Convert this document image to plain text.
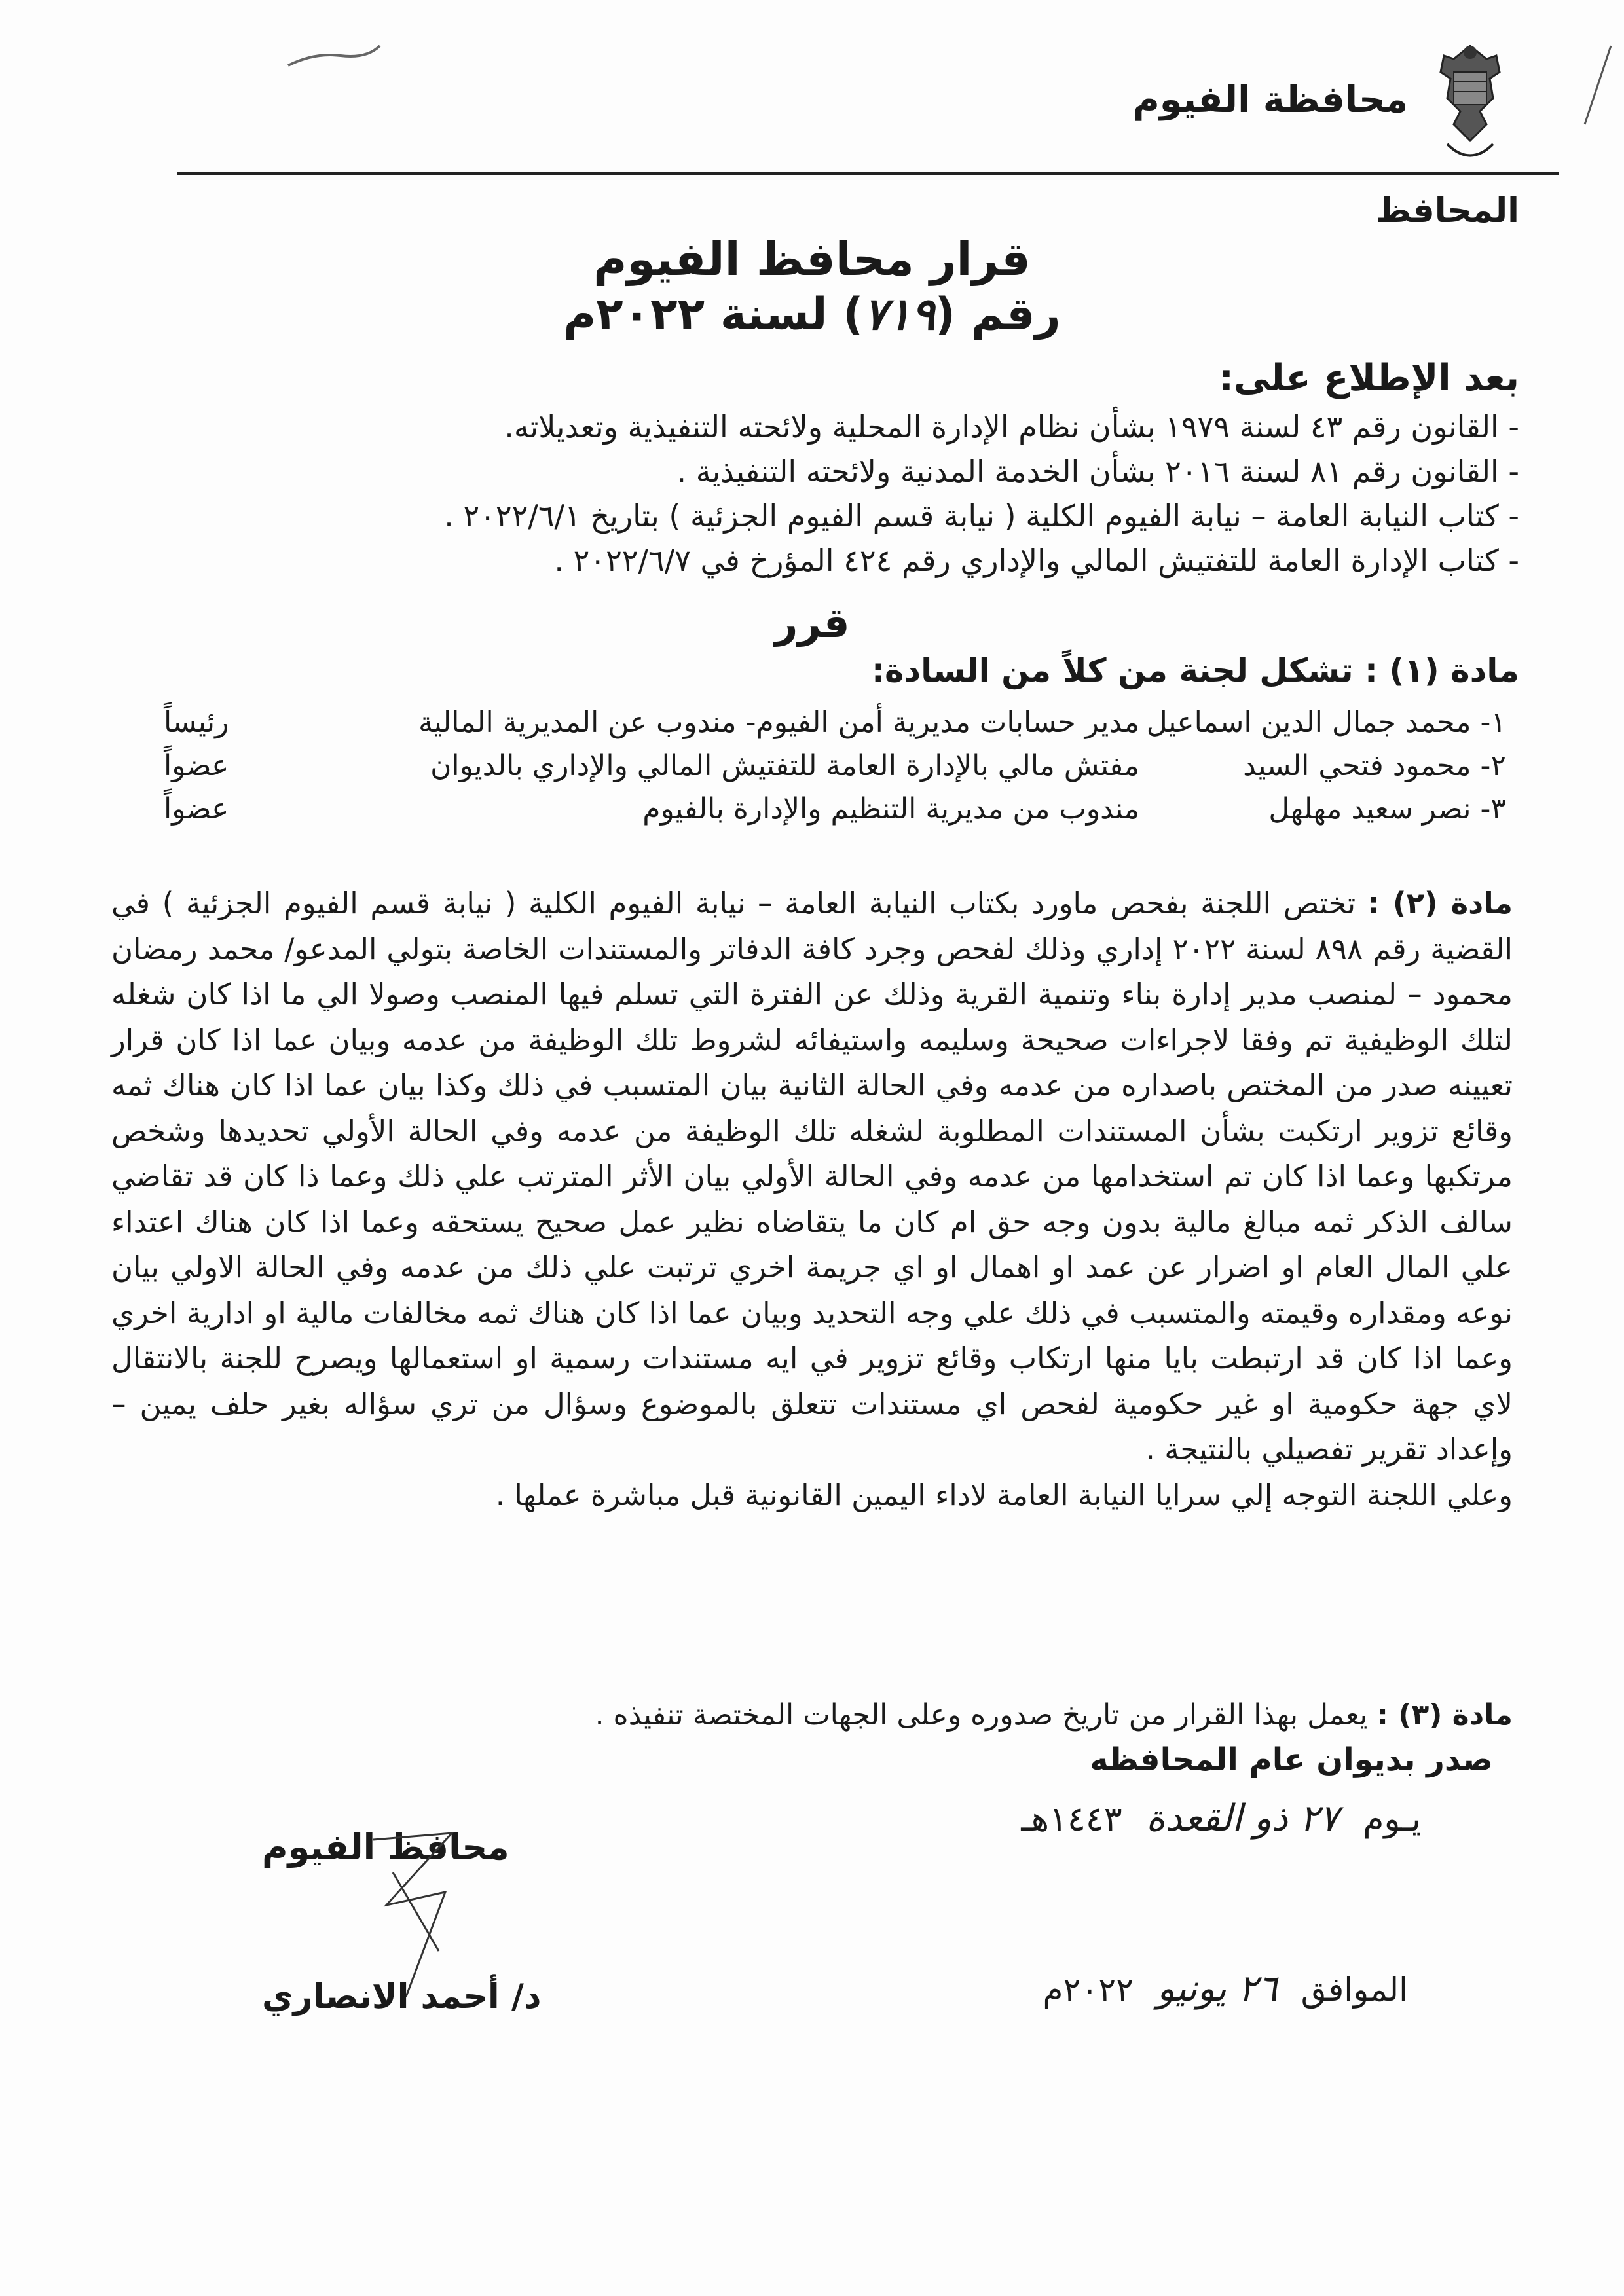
محافظة الفيوم
المحافظ
قرار محافظ الفيوم
رقم (٧١٩) لسنة ٢٠٢٢م
بعد الإطلاع على:
- القانون رقم ٤٣ لسنة ١٩٧٩ بشأن نظام الإدارة المحلية ولائحته التنفيذية وتعديلاته.
- القانون رقم ٨١ لسنة ٢٠١٦ بشأن الخدمة المدنية ولائحته التنفيذية .
- كتاب النيابة العامة – نيابة الفيوم الكلية ( نيابة قسم الفيوم الجزئية ) بتاريخ ٢٠٢٢/٦/١ .
- كتاب الإدارة العامة للتفتيش المالي والإداري رقم ٤٢٤ المؤرخ في ٢٠٢٢/٦/٧ .
قرر
مادة (١) : تشكل لجنة من كلاً من السادة:
١- محمد جمال الدين اسماعيل	مدير حسابات مديرية أمن الفيوم- مندوب عن المديرية المالية	رئيساً
٢- محمود فتحي السيد	مفتش مالي بالإدارة العامة للتفتيش المالي والإداري بالديوان	عضواً
٣- نصر سعيد مهلهل	مندوب من مديرية التنظيم والإدارة بالفيوم	عضواً
مادة (٢) : تختص اللجنة بفحص ماورد بكتاب النيابة العامة – نيابة الفيوم الكلية ( نيابة قسم الفيوم الجزئية ) في القضية رقم ٨٩٨ لسنة ٢٠٢٢ إداري وذلك لفحص وجرد كافة الدفاتر والمستندات الخاصة بتولي المدعو/ محمد رمضان محمود – لمنصب مدير إدارة بناء وتنمية القرية وذلك عن الفترة التي تسلم فيها المنصب وصولا الي ما اذا كان شغله لتلك الوظيفية تم وفقا لاجراءات صحيحة وسليمه واستيفائه لشروط تلك الوظيفة من عدمه وبيان عما اذا كان قرار تعيينه صدر من المختص باصداره من عدمه وفي الحالة الثانية بيان المتسبب في ذلك وكذا بيان عما اذا كان هناك ثمه وقائع تزوير ارتكبت بشأن المستندات المطلوبة لشغله تلك الوظيفة من عدمه وفي الحالة الأولي تحديدها وشخص مرتكبها وعما اذا كان تم استخدامها من عدمه وفي الحالة الأولي بيان الأثر المترتب علي ذلك وعما ذا كان قد تقاضي سالف الذكر ثمه مبالغ مالية بدون وجه حق ام كان ما يتقاضاه نظير عمل صحيح يستحقه وعما اذا كان هناك اعتداء علي المال العام او اضرار عن عمد او اهمال او اي جريمة اخري ترتبت علي ذلك من عدمه وفي الحالة الاولي بيان نوعه ومقداره وقيمته والمتسبب في ذلك علي وجه التحديد وبيان عما اذا كان هناك ثمه مخالفات مالية او ادارية اخري وعما اذا كان قد ارتبطت بايا منها ارتكاب وقائع تزوير في ايه مستندات رسمية او استعمالها ويصرح للجنة بالانتقال لاي جهة حكومية او غير حكومية لفحص اي مستندات تتعلق بالموضوع وسؤال من تري سؤاله بغير حلف يمين – وإعداد تقرير تفصيلي بالنتيجة .
وعلي اللجنة التوجه إلي سرايا النيابة العامة لاداء اليمين القانونية قبل مباشرة عملها .
مادة (٣) : يعمل بهذا القرار من تاريخ صدوره وعلى الجهات المختصة تنفيذه .
صدر بديوان عام المحافظه
يـوم ٢٧ ذو القعدة ١٤٤٣هـ
الموافق ٢٦ يونيو ٢٠٢٢م
محافظ الفيوم
د/ أحمد الانصاري
